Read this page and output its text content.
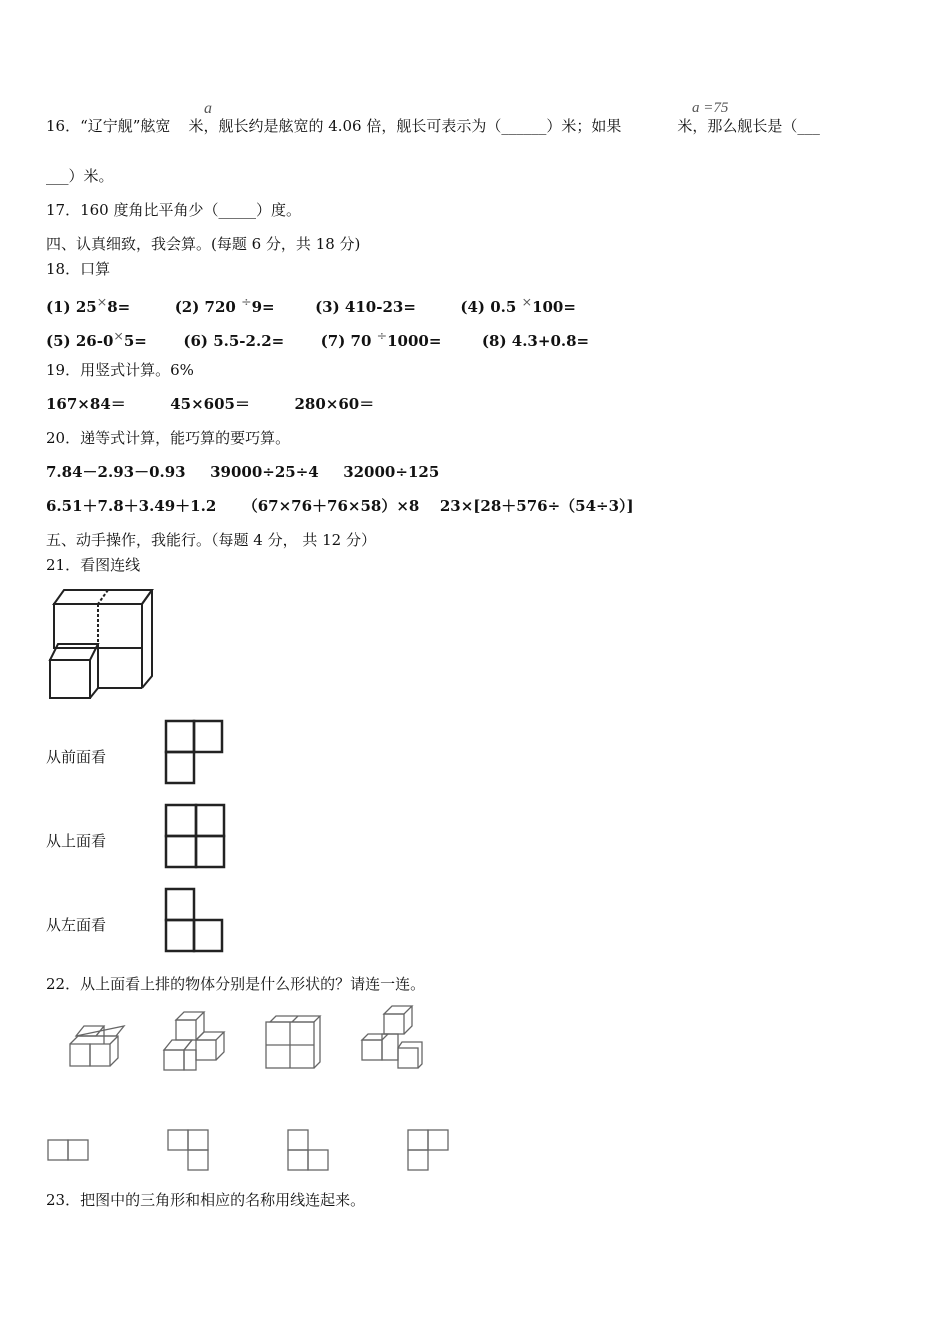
16．“辽宁舰”舷宽 米，舰长约是舷宽的 4.06 倍，舰长可表示为（______）米；如果	米，那么舰长是（___
a	a =75
___）米。
17．160 度角比平角少（_____）度。
四、认真细致，我会算。(每题 6 分，共 18 分)
18．口算
(1) 25×8=	(2) 720 ÷9=	(3) 410-23=	(4) 0.5 ×100=
(5) 26-0×5= (6) 5.5-2.2= (7) 70 ÷1000=	(8) 4.3+0.8=
19．用竖式计算。6%
167×84＝	45×605＝	280×60＝
20．递等式计算，能巧算的要巧算。
7.84－2.93－0.93 39000÷25÷4 32000÷125
6.51＋7.8＋3.49＋1.2 （67×76＋76×58）×8 23×[28＋576÷（54÷3）]
五、动手操作，我能行。（每题 4 分， 共 12 分）
21．看图连线
从前面看
从上面看
从左面看
22．从上面看上排的物体分别是什么形状的？请连一连。
23．把图中的三角形和相应的名称用线连起来。
